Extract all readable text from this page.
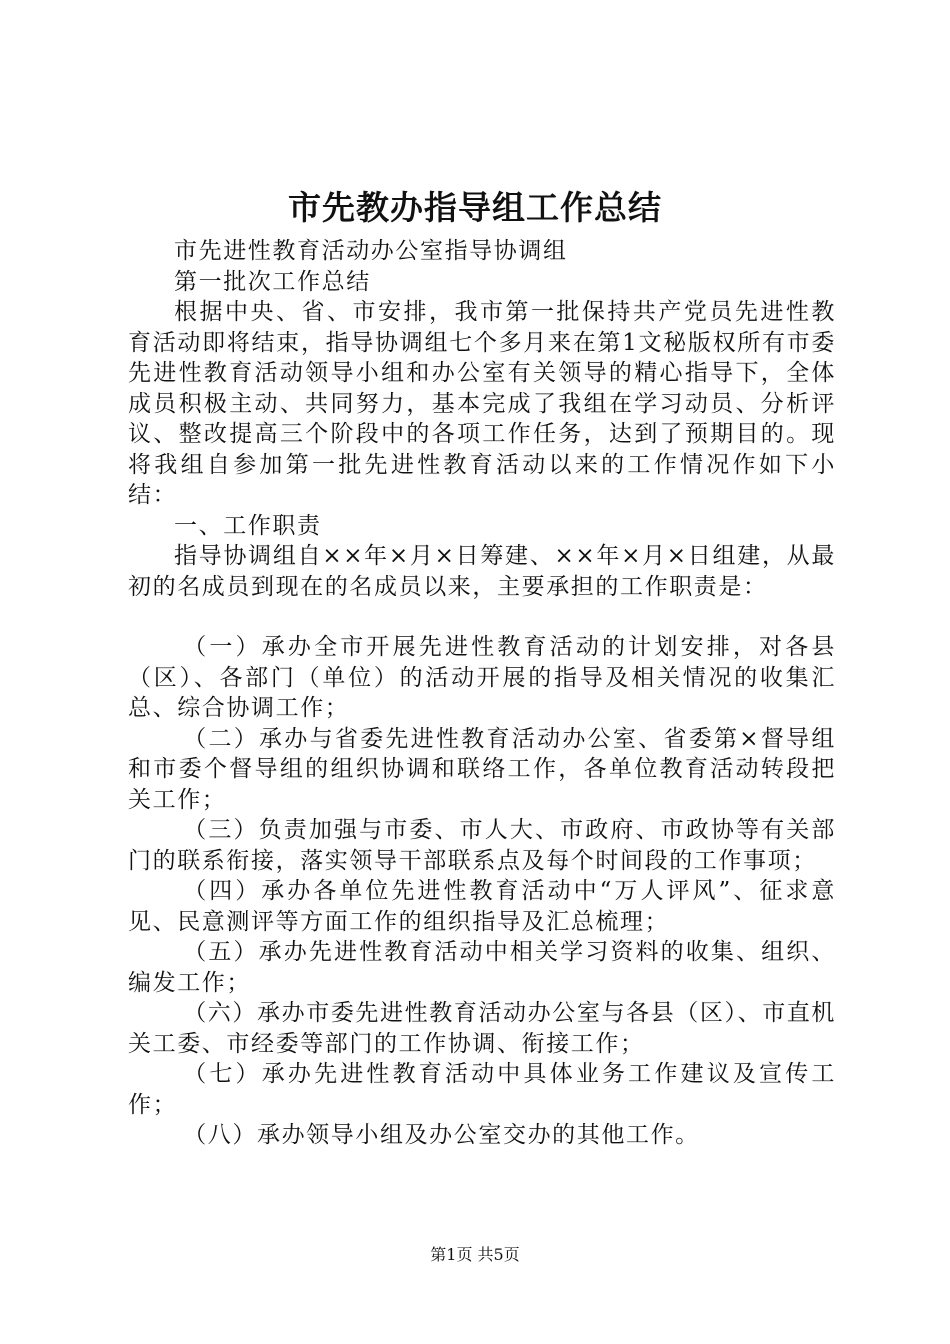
市先教办指导组工作总结

市先进性教育活动办公室指导协调组

第一批次工作总结

根据中央、省、市安排，我市第一批保持共产党员先进性教育活动即将结束，指导协调组七个多月来在第1文秘版权所有市委先进性教育活动领导小组和办公室有关领导的精心指导下，全体成员积极主动、共同努力，基本完成了我组在学习动员、分析评议、整改提高三个阶段中的各项工作任务，达到了预期目的。现将我组自参加第一批先进性教育活动以来的工作情况作如下小结：

一、工作职责

指导协调组自××年×月×日筹建、××年×月×日组建，从最初的名成员到现在的名成员以来，主要承担的工作职责是：

（一）承办全市开展先进性教育活动的计划安排，对各县（区）、各部门（单位）的活动开展的指导及相关情况的收集汇总、综合协调工作；

（二）承办与省委先进性教育活动办公室、省委第×督导组和市委个督导组的组织协调和联络工作，各单位教育活动转段把关工作；

（三）负责加强与市委、市人大、市政府、市政协等有关部门的联系衔接，落实领导干部联系点及每个时间段的工作事项；

（四）承办各单位先进性教育活动中“万人评风”、征求意见、民意测评等方面工作的组织指导及汇总梳理；

（五）承办先进性教育活动中相关学习资料的收集、组织、编发工作；

（六）承办市委先进性教育活动办公室与各县（区）、市直机关工委、市经委等部门的工作协调、衔接工作；

（七）承办先进性教育活动中具体业务工作建议及宣传工作；

（八）承办领导小组及办公室交办的其他工作。

第1页 共5页
